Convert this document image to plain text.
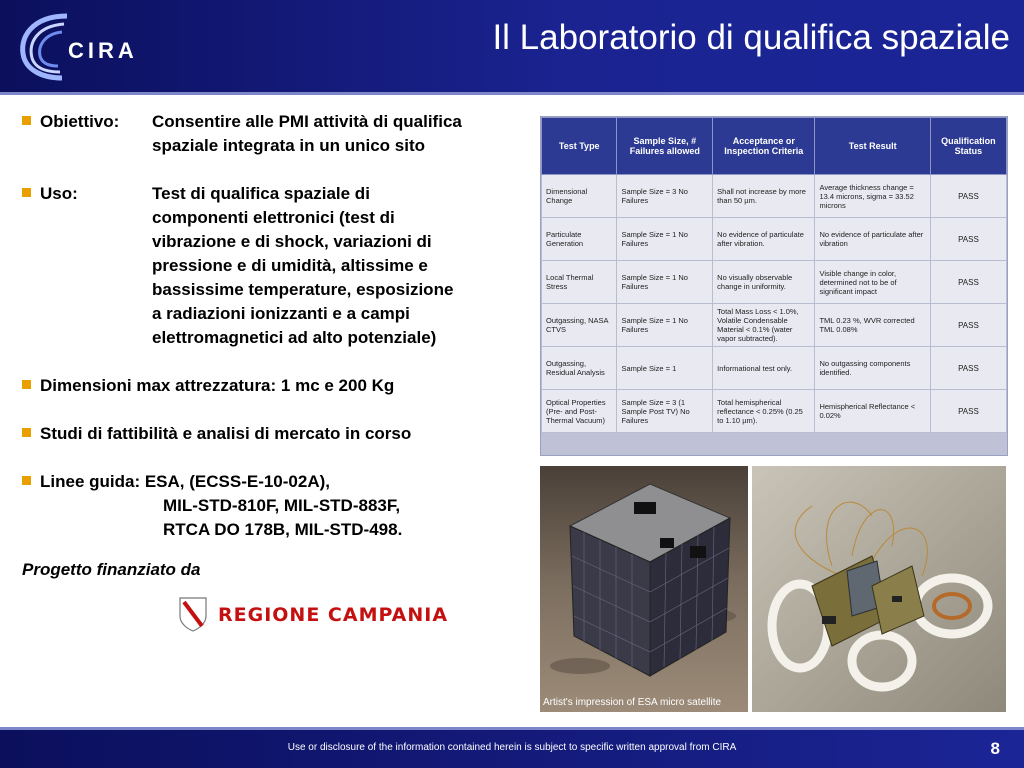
CIRA	Il Laboratorio di qualifica spaziale
Obiettivo: Consentire alle PMI attività di qualifica
spaziale integrata in un unico sito
Uso:	Test di qualifica spaziale di
componenti elettronici (test di
vibrazione e di shock, variazioni di
pressione e di umidità, altissime e
bassissime temperature, esposizione
a radiazioni ionizzanti e a campi
elettromagnetici ad alto potenziale)
Dimensioni max attrezzatura: 1 mc e 200 Kg
Studi di fattibilità e analisi di mercato in corso
Linee guida: ESA, (ECSS-E-10-02A),
MIL-STD-810F, MIL-STD-883F,
RTCA DO 178B, MIL-STD-498.
Progetto finanziato da
REGIONE CAMPANIA
Test Type	Sample Size, # Failures allowed	Acceptance or Inspection Criteria	Test Result	Qualification Status
Dimensional Change	Sample Size = 3 No Failures	Shall not increase by more than 50 µm.	Average thickness change = 13.4 microns, sigma = 33.52 microns	PASS
Particulate Generation	Sample Size = 1 No Failures	No evidence of particulate after vibration.	No evidence of particulate after vibration	PASS
Local Thermal Stress	Sample Size = 1 No Failures	No visually observable change in uniformity.	Visible change in color, determined not to be of significant impact	PASS
Outgassing, NASA CTVS	Sample Size = 1 No Failures	Total Mass Loss < 1.0%, Volatile Condensable Material < 0.1% (water vapor subtracted).	TML 0.23 %, WVR corrected TML 0.08%	PASS
Outgassing, Residual Analysis	Sample Size = 1	Informational test only.	No outgassing components identified.	PASS
Optical Properties (Pre- and Post-Thermal Vacuum)	Sample Size = 3 (1 Sample Post TV) No Failures	Total hemispherical reflectance < 0.25% (0.25 to 1.10 µm).	Hemispherical Reflectance < 0.02%	PASS
Artist's impression of ESA micro satellite
Use or disclosure of the information contained herein is subject to specific written approval from CIRA	8
